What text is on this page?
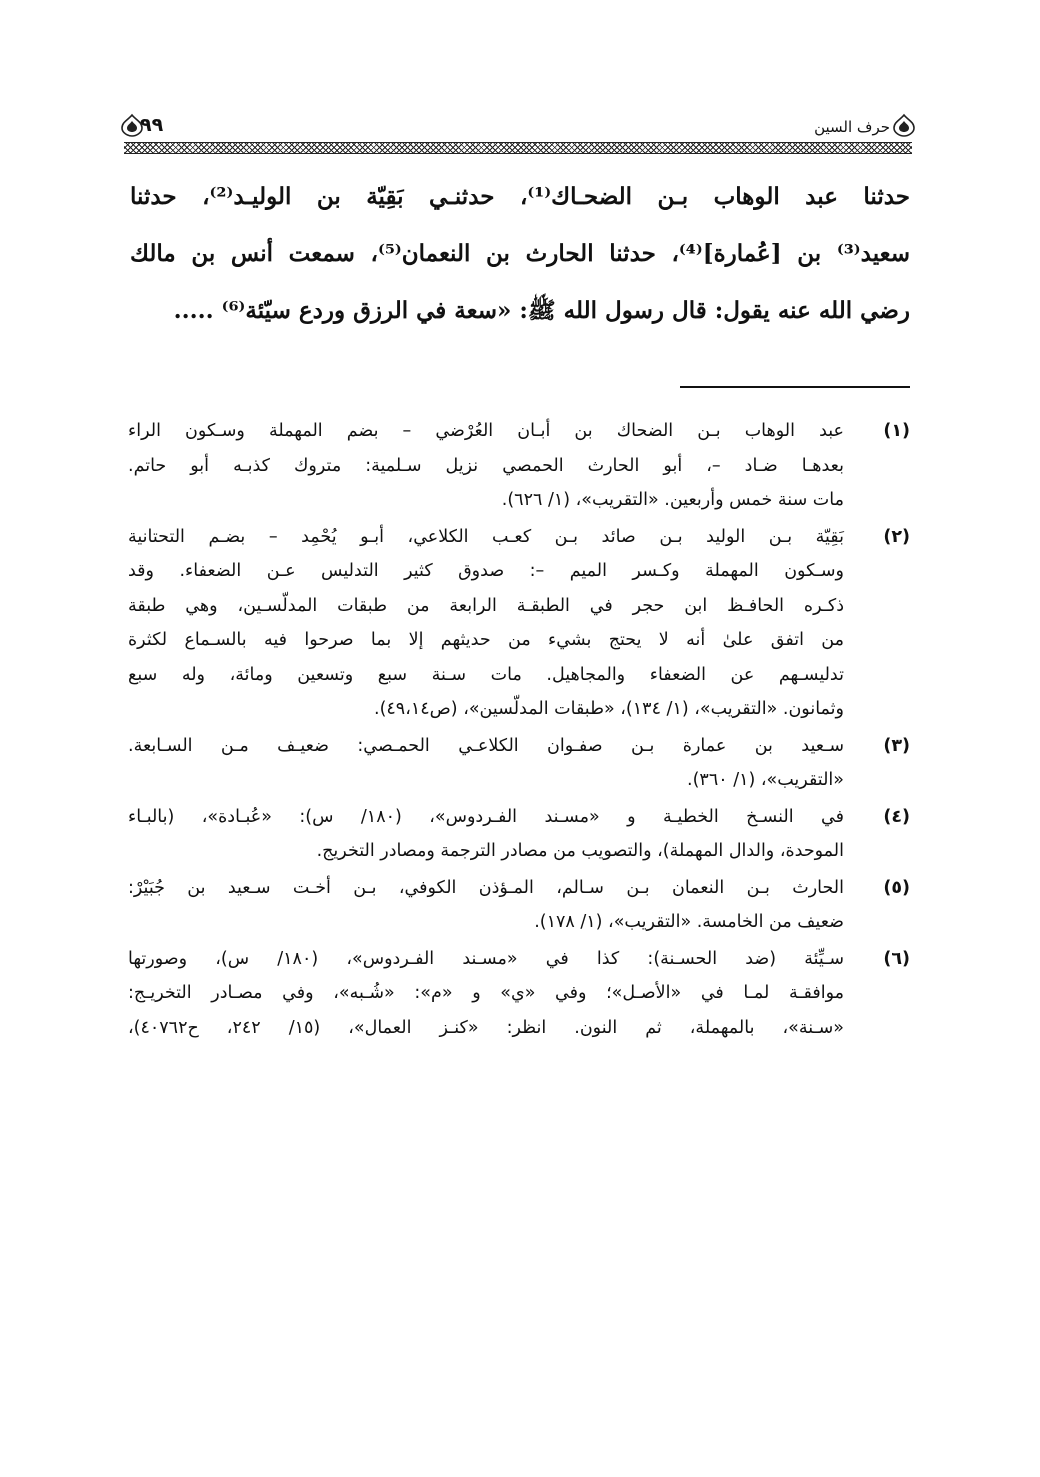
حرف السين
٩٩
حدثنا عبد الوهاب بـن الضحـاك⁽¹⁾، حدثنـي بَقِيّة بن الوليـد⁽²⁾، حدثنا
سعيد⁽³⁾ بن [عُمارة]⁽⁴⁾، حدثنا الحارث بن النعمان⁽⁵⁾، سمعت أنس بن مالك
رضي الله عنه يقول: قال رسول الله ﷺ: «سعة في الرزق وردع سيّئة⁽⁶⁾ .....
(١)
عبد الوهاب بـن الضحاك بن أبـان العُرْضي – بضم المهملة وسـكون الراء
بعدهـا ضـاد –، أبو الحارث الحمصي نزيل سـلمية: متروك كذبـه أبو حاتم.
مات سنة خمس وأربعين. «التقريب»، (١/ ٦٢٦).
(٢)
بَقِيّة بـن الوليد بـن صائد بـن كعـب الكلاعي، أبـو يُحْمِد – بضـم التحتانية
وسـكون المهملة وكـسر الميم –: صدوق كثير التدليس عـن الضعفاء. وقد
ذكـره الحافـظ ابن حجر في الطبقـة الرابعة من طبقات المدلّسـين، وهي طبقة
من اتفق علىٰ أنه لا يحتج بشيء من حديثهم إلا بما صرحوا فيه بالسـماع لكثرة
تدليسـهم عن الضعفاء والمجاهيل. مات سـنة سبع وتسعين ومائة، وله سبع
وثمانون. «التقريب»، (١/ ١٣٤)، «طبقات المدلّسين»، (ص٤٩،١٤).
(٣)
سـعيد بن عمارة بـن صفـوان الكلاعـي الحمـصي: ضعيـف مـن السـابعة.
«التقريب»، (١/ ٣٦٠).
(٤)
في النسـخ الخطيـة و «مسـند الفـردوس»، (١٨٠/ س): «عُبـادة»، (بالبـاء
الموحدة، والدال المهملة)، والتصويب من مصادر الترجمة ومصادر التخريج.
(٥)
الحارث بـن النعمان بـن سـالم، المـؤذن الكوفي، بـن أخـت سـعيد بن جُبَيْرْ:
ضعيف من الخامسة. «التقريب»، (١/ ١٧٨).
(٦)
سـيِّئة (ضد الحسـنة): كذا في «مسـند الفـردوس»، (١٨٠/ س)، وصورتها
موافقـة لمـا في «الأصـل»؛ وفي «ي» و «م»: «شُـبه»، وفي مصـادر التخريـج:
«سـنة»، بالمهملة، ثم النون. انظر: «كنـز العمال»، (١٥/ ٢٤٢، ح٤٠٧٦٢)،
